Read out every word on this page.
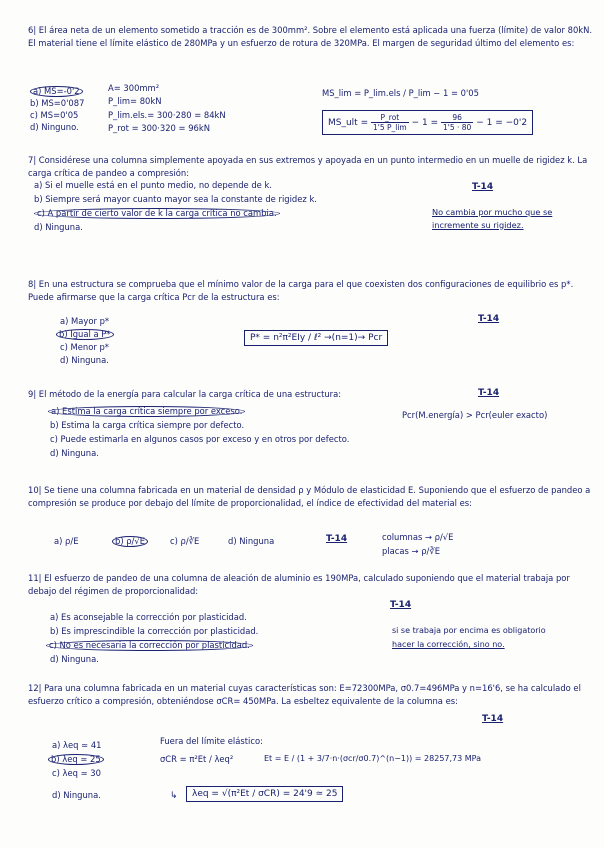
6| El área neta de un elemento sometido a tracción es de 300mm². Sobre el elemento está aplicada una fuerza (límite) de valor 80kN. El material tiene el límite elástico de 280MPa y un esfuerzo de rotura de 320MPa. El margen de seguridad último del elemento es:

a) MS=-0'2
b) MS=0'087
c) MS=0'05
d) Ninguno.
A= 300mm²
P_lim= 80kN
P_lim.els.= 300·280 = 84kN
P_rot = 300·320 = 96kN
MS_lim = P_lim.els / P_lim − 1 = 0'05
MS_ult = $\frac{\text{P\_rot}}{1'5 P\_\lim} - 1 = \frac{96}{1'5 \cdot 80} - 1 = -0'2$

7| Considérese una columna simplemente apoyada en sus extremos y apoyada en un punto intermedio en un muelle de rigidez k. La carga crítica de pandeo a compresión:

a) Si el muelle está en el punto medio, no depende de k.
b) Siempre será mayor cuanto mayor sea la constante de rigidez k.
c) A partir de cierto valor de k la carga crítica no cambia.
d) Ninguna.
T-14
No cambia por mucho que se incremente su rigidez.

8| En una estructura se comprueba que el mínimo valor de la carga para el que coexisten dos configuraciones de equilibrio es p*. Puede afirmarse que la carga crítica Pcr de la estructura es:

a) Mayor p*
b) Igual a P*
c) Menor p*
d) Ninguna.
T-14
P* = n²π²EIy / ℓ² →(n=1)→ Pcr

9| El método de la energía para calcular la carga crítica de una estructura:	T-14
a) Estima la carga crítica siempre por exceso.
b) Estima la carga crítica siempre por defecto.
c) Puede estimarla en algunos casos por exceso y en otros por defecto.
d) Ninguna.
Pcr(M.energía) > Pcr(euler exacto)

10| Se tiene una columna fabricada en un material de densidad ρ y Módulo de elasticidad E. Suponiendo que el esfuerzo de pandeo a compresión se produce por debajo del límite de proporcionalidad, el índice de efectividad del material es:

a) ρ/E	b) ρ/√E	c) ρ/∛E	d) Ninguna	T-14	columnas → ρ/√E
placas → ρ/∛E

11| El esfuerzo de pandeo de una columna de aleación de aluminio es 190MPa, calculado suponiendo que el material trabaja por debajo del régimen de proporcionalidad:

T-14
a) Es aconsejable la corrección por plasticidad.
b) Es imprescindible la corrección por plasticidad.
c) No es necesaria la corrección por plasticidad.
d) Ninguna.
si se trabaja por encima es obligatorio
hacer la corrección, sino no.

12| Para una columna fabricada en un material cuyas características son: E=72300MPa, σ0.7=496MPa y n=16'6, se ha calculado el esfuerzo crítico a compresión, obteniéndose σCR= 450MPa. La esbeltez equivalente de la columna es:

T-14
a) λeq ≃ 41
b) λeq ≃ 25
c) λeq ≃ 30
d) Ninguna.
Fuera del límite elástico:
σCR = π²Et / λeq²	Et = E / (1 + 3/7·n·(σcr/σ0.7)^(n−1)) = 28257,73 MPa
↳	λeq = √(π²Et / σCR) = 24'9 ≃ 25
